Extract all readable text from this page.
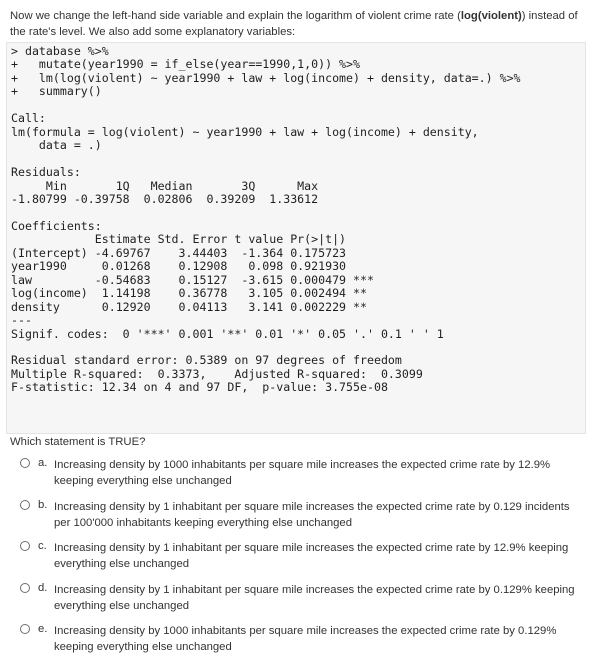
Now we change the left-hand side variable and explain the logarithm of violent crime rate (log(violent)) instead of the rate's level. We also add some explanatory variables:
> database %>%
+   mutate(year1990 = if_else(year==1990,1,0)) %>%
+   lm(log(violent) ~ year1990 + law + log(income) + density, data=.) %>%
+   summary()

Call:
lm(formula = log(violent) ~ year1990 + law + log(income) + density,
data = .)

Residuals:
Min       1Q   Median       3Q      Max
-1.80799 -0.39758  0.02806  0.39209  1.33612

Coefficients:
Estimate Std. Error t value Pr(>|t|)
(Intercept) -4.69767    3.44403  -1.364 0.175723
year1990     0.01268    0.12908   0.098 0.921930
law         -0.54683    0.15127  -3.615 0.000479 ***
log(income)  1.14198    0.36778   3.105 0.002494 **
density      0.12920    0.04113   3.141 0.002229 **
---
Signif. codes:  0 '***' 0.001 '**' 0.01 '*' 0.05 '.' 0.1 ' ' 1

Residual standard error: 0.5389 on 97 degrees of freedom
Multiple R-squared:  0.3373,    Adjusted R-squared:  0.3099
F-statistic: 12.34 on 4 and 97 DF,  p-value: 3.755e-08
Which statement is TRUE?
a. Increasing density by 1000 inhabitants per square mile increases the expected crime rate by 12.9% keeping everything else unchanged
b. Increasing density by 1 inhabitant per square mile increases the expected crime rate by 0.129 incidents per 100'000 inhabitants keeping everything else unchanged
c. Increasing density by 1 inhabitant per square mile increases the expected crime rate by 12.9% keeping everything else unchanged
d. Increasing density by 1 inhabitant per square mile increases the expected crime rate by 0.129% keeping everything else unchanged
e. Increasing density by 1000 inhabitants per square mile increases the expected crime rate by 0.129% keeping everything else unchanged
